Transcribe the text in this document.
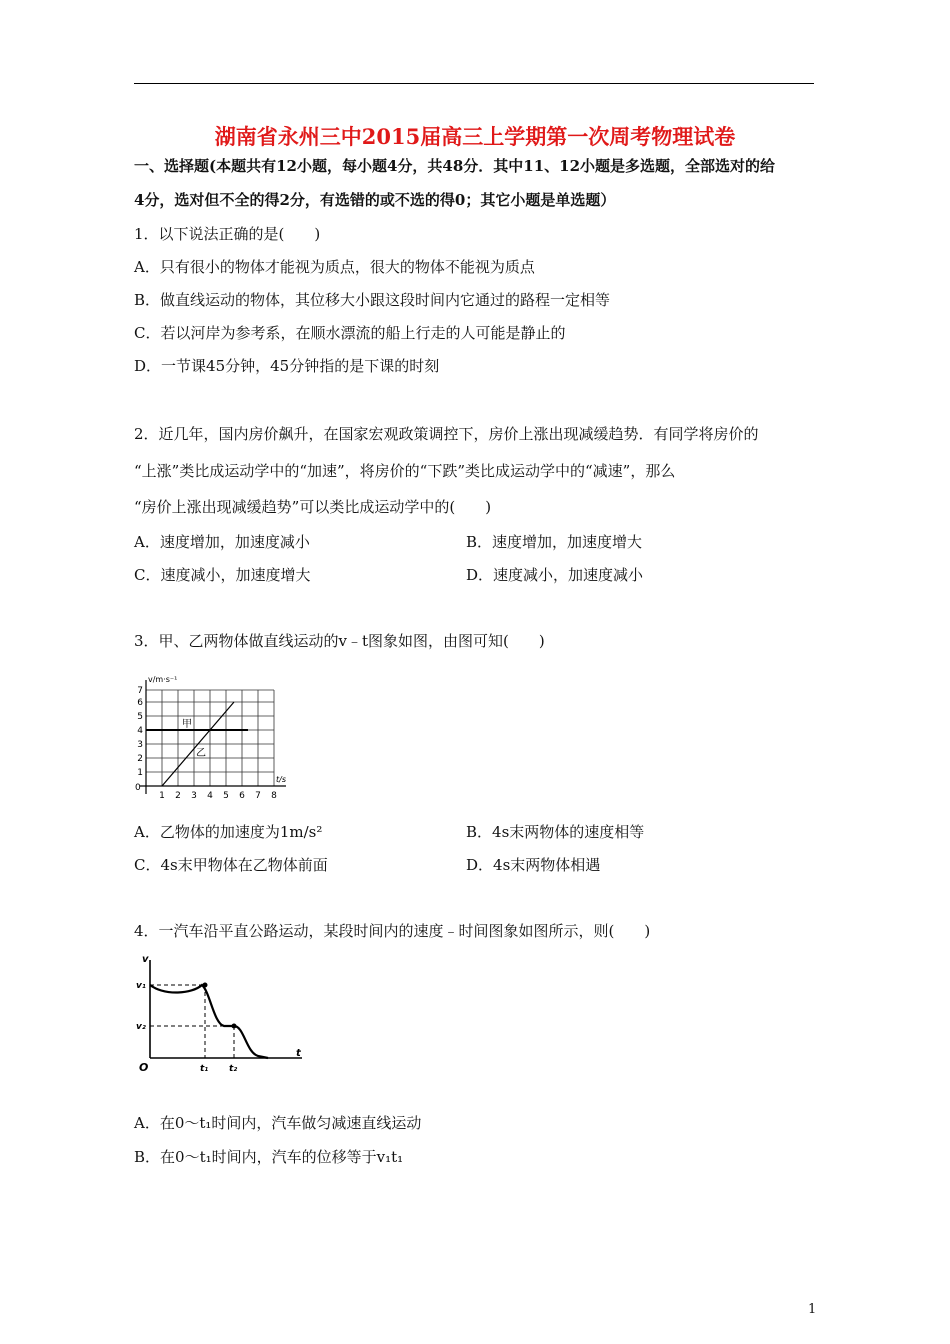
湖南省永州三中2015届高三上学期第一次周考物理试卷
一、选择题(本题共有12小题，每小题4分，共48分．其中11、12小题是多选题，全部选对的给
4分，选对但不全的得2分，有选错的或不选的得0；其它小题是单选题）
1．以下说法正确的是(　　)
A．只有很小的物体才能视为质点，很大的物体不能视为质点
B．做直线运动的物体，其位移大小跟这段时间内它通过的路程一定相等
C．若以河岸为参考系，在顺水漂流的船上行走的人可能是静止的
D．一节课45分钟，45分钟指的是下课的时刻
2．近几年，国内房价飙升，在国家宏观政策调控下，房价上涨出现减缓趋势．有同学将房价的
“上涨”类比成运动学中的“加速”，将房价的“下跌”类比成运动学中的“减速”，那么
“房价上涨出现减缓趋势”可以类比成运动学中的(　　)
A．速度增加，加速度减小	B．速度增加，加速度增大
C．速度减小，加速度增大	D．速度减小，加速度减小
3．甲、乙两物体做直线运动的v﹣t图象如图，由图可知(　　)
v/m·s⁻¹
t/s
甲
乙
0
1 2 3 4 5 6 7 8
1
2
3
4
5
6
7
A．乙物体的加速度为1m/s²	B．4s末两物体的速度相等
C．4s末甲物体在乙物体前面	D．4s末两物体相遇
4．一汽车沿平直公路运动，某段时间内的速度﹣时间图象如图所示，则(　　)
v
t
O
v₁
v₂
t₁ t₂
A．在0～t₁时间内，汽车做匀减速直线运动
B．在0～t₁时间内，汽车的位移等于v₁t₁
1
